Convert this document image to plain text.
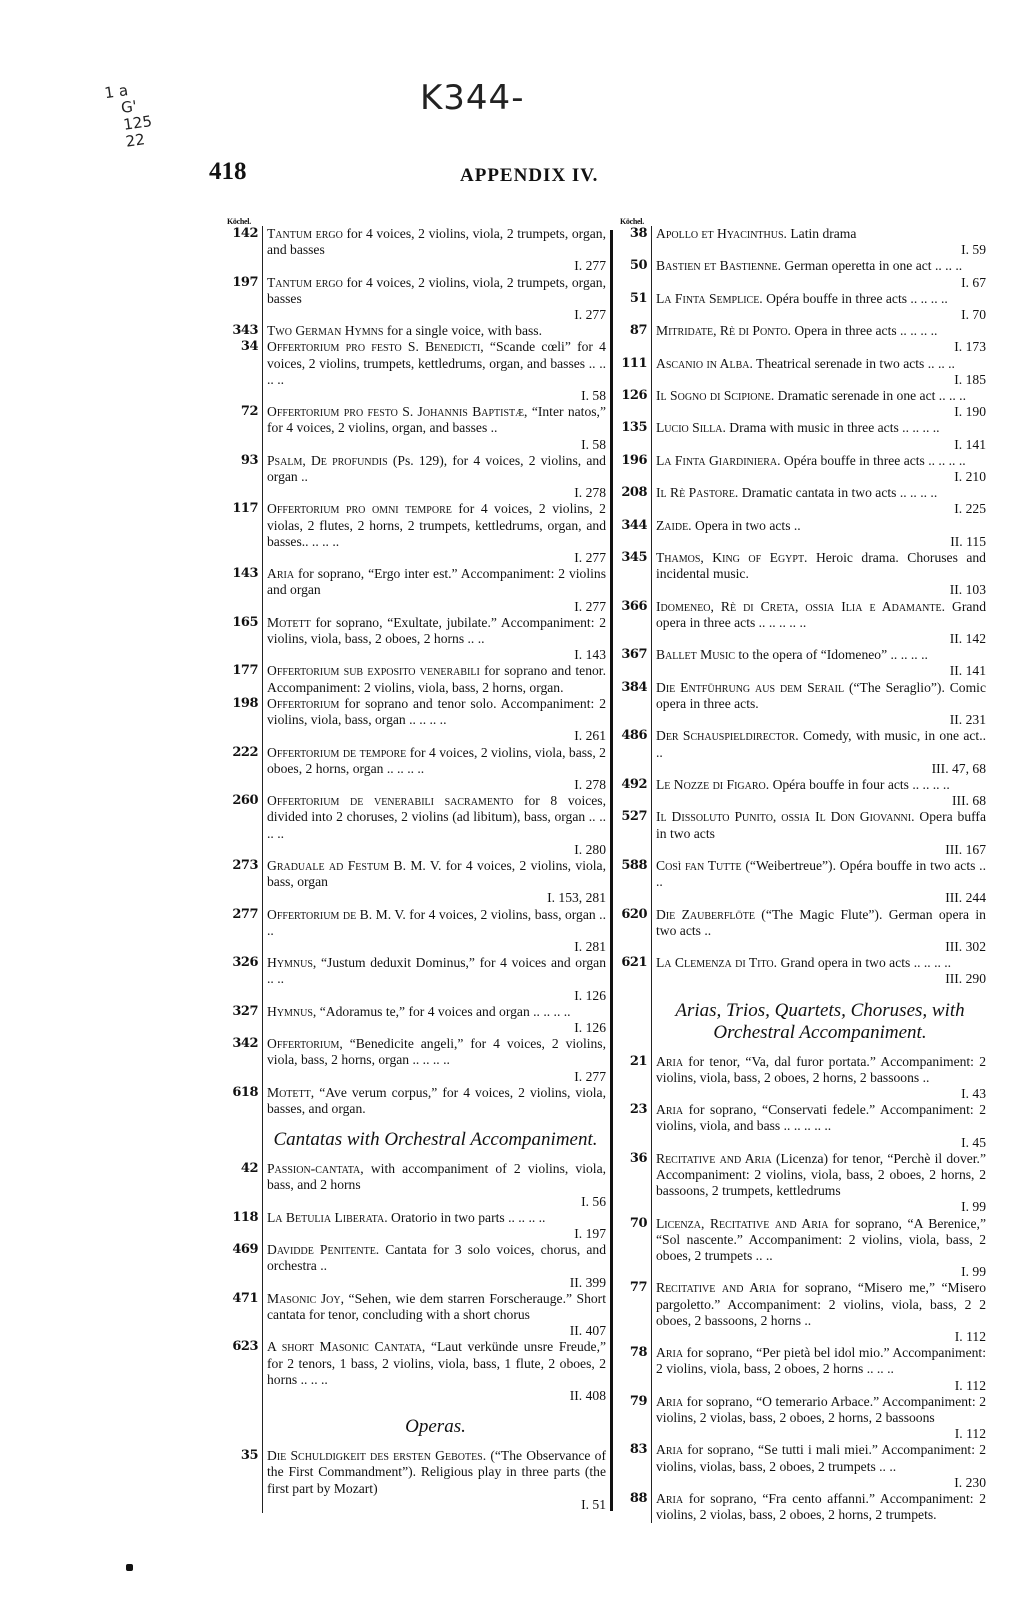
1 a
G'
125
22

K344-
418	APPENDIX IV.
Köchel.
142 Tantum ergo for 4 voices, 2 violins, viola, 2 trumpets, organ, and basses
I. 277
197 Tantum ergo for 4 voices, 2 violins, viola, 2 trumpets, organ, basses
I. 277
343 Two German Hymns for a single voice, with bass.
34 Offertorium pro festo S. Benedicti, “Scande cœli” for 4 voices, 2 violins, trumpets, kettledrums, organ, and basses .. .. .. ..
I. 58
72 Offertorium pro festo S. Johannis Baptistæ, “Inter natos,” for 4 voices, 2 violins, organ, and basses ..
I. 58
93 Psalm, De profundis (Ps. 129), for 4 voices, 2 violins, and organ ..
I. 278
117 Offertorium pro omni tempore for 4 voices, 2 violins, 2 violas, 2 flutes, 2 horns, 2 trumpets, kettledrums, organ, and basses.. .. .. ..
I. 277
143 Aria for soprano, “Ergo inter est.” Accompaniment: 2 violins and organ
I. 277
165 Motett for soprano, “Exultate, jubilate.” Accompaniment: 2 violins, viola, bass, 2 oboes, 2 horns .. ..
I. 143
177 Offertorium sub exposito venerabili for soprano and tenor. Accompaniment: 2 violins, viola, bass, 2 horns, organ.
198 Offertorium for soprano and tenor solo. Accompaniment: 2 violins, viola, bass, organ .. .. .. ..
I. 261
222 Offertorium de tempore for 4 voices, 2 violins, viola, bass, 2 oboes, 2 horns, organ .. .. .. ..
I. 278
260 Offertorium de venerabili sacramento for 8 voices, divided into 2 choruses, 2 violins (ad libitum), bass, organ .. .. .. ..
I. 280
273 Graduale ad Festum B. M. V. for 4 voices, 2 violins, viola, bass, organ
I. 153, 281
277 Offertorium de B. M. V. for 4 voices, 2 violins, bass, organ .. ..
I. 281
326 Hymnus, “Justum deduxit Dominus,” for 4 voices and organ .. ..
I. 126
327 Hymnus, “Adoramus te,” for 4 voices and organ .. .. .. ..
I. 126
342 Offertorium, “Benedicite angeli,” for 4 voices, 2 violins, viola, bass, 2 horns, organ .. .. .. ..
I. 277
618 Motett, “Ave verum corpus,” for 4 voices, 2 violins, viola, basses, and organ.
Cantatas with Orchestral Accompaniment.
42 Passion-cantata, with accompaniment of 2 violins, viola, bass, and 2 horns
I. 56
118 La Betulia Liberata. Oratorio in two parts .. .. .. ..
I. 197
469 Davidde Penitente. Cantata for 3 solo voices, chorus, and orchestra ..
II. 399
471 Masonic Joy, “Sehen, wie dem starren Forscherauge.” Short cantata for tenor, concluding with a short chorus
II. 407
623 A short Masonic Cantata, “Laut verkünde unsre Freude,” for 2 tenors, 1 bass, 2 violins, viola, bass, 1 flute, 2 oboes, 2 horns .. .. ..
II. 408
Operas.
35 Die Schuldigkeit des ersten Gebotes. (“The Observance of the First Commandment”). Religious play in three parts (the first part by Mozart)
I. 51
Köchel.
38 Apollo et Hyacinthus. Latin drama
I. 59
50 Bastien et Bastienne. German operetta in one act .. .. ..
I. 67
51 La Finta Semplice. Opéra bouffe in three acts .. .. .. ..
I. 70
87 Mitridate, Rè di Ponto. Opera in three acts .. .. .. ..
I. 173
111 Ascanio in Alba. Theatrical serenade in two acts .. .. ..
I. 185
126 Il Sogno di Scipione. Dramatic serenade in one act .. .. ..
I. 190
135 Lucio Silla. Drama with music in three acts .. .. .. ..
I. 141
196 La Finta Giardiniera. Opéra bouffe in three acts .. .. .. ..
I. 210
208 Il Rè Pastore. Dramatic cantata in two acts .. .. .. ..
I. 225
344 Zaide. Opera in two acts ..
II. 115
345 Thamos, King of Egypt. Heroic drama. Choruses and incidental music.
II. 103
366 Idomeneo, Rè di Creta, ossia Ilia e Adamante. Grand opera in three acts .. .. .. .. ..
II. 142
367 Ballet Music to the opera of “Idomeneo” .. .. .. ..
II. 141
384 Die Entführung aus dem Serail (“The Seraglio”). Comic opera in three acts.
II. 231
486 Der Schauspieldirector. Comedy, with music, in one act.. ..
III. 47, 68
492 Le Nozze di Figaro. Opéra bouffe in four acts .. .. .. ..
III. 68
527 Il Dissoluto Punito, ossia Il Don Giovanni. Opera buffa in two acts
III. 167
588 Così fan Tutte (“Weibertreue”). Opéra bouffe in two acts .. ..
III. 244
620 Die Zauberflöte (“The Magic Flute”). German opera in two acts ..
III. 302
621 La Clemenza di Tito. Grand opera in two acts .. .. .. ..
III. 290
Arias, Trios, Quartets, Choruses, with Orchestral Accompaniment.
21 Aria for tenor, “Va, dal furor portata.” Accompaniment: 2 violins, viola, bass, 2 oboes, 2 horns, 2 bassoons ..
I. 43
23 Aria for soprano, “Conservati fedele.” Accompaniment: 2 violins, viola, and bass .. .. .. .. ..
I. 45
36 Recitative and Aria (Licenza) for tenor, “Perchè il dover.” Accompaniment: 2 violins, viola, bass, 2 oboes, 2 horns, 2 bassoons, 2 trumpets, kettledrums
I. 99
70 Licenza, Recitative and Aria for soprano, “A Berenice,” “Sol nascente.” Accompaniment: 2 violins, viola, bass, 2 oboes, 2 trumpets .. ..
I. 99
77 Recitative and Aria for soprano, “Misero me,” “Misero pargoletto.” Accompaniment: 2 violins, viola, bass, 2 2 oboes, 2 bassoons, 2 horns ..
I. 112
78 Aria for soprano, “Per pietà bel idol mio.” Accompaniment: 2 violins, viola, bass, 2 oboes, 2 horns .. .. ..
I. 112
79 Aria for soprano, “O temerario Arbace.” Accompaniment: 2 violins, 2 violas, bass, 2 oboes, 2 horns, 2 bassoons
I. 112
83 Aria for soprano, “Se tutti i mali miei.” Accompaniment: 2 violins, violas, bass, 2 oboes, 2 trumpets .. ..
I. 230
88 Aria for soprano, “Fra cento affanni.” Accompaniment: 2 violins, 2 violas, bass, 2 oboes, 2 horns, 2 trumpets.
